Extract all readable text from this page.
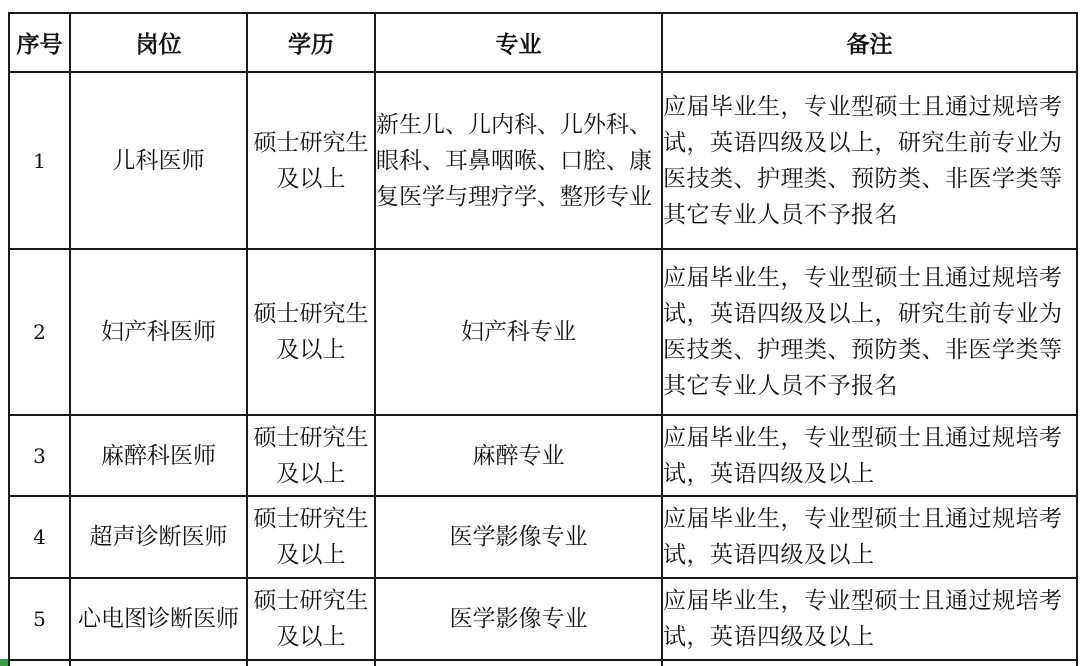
序号	岗位	学历	专业	备注
1	儿科医师	硕士研究生及以上	新生儿、儿内科、儿外科、眼科、耳鼻咽喉、口腔、康复医学与理疗学、整形专业	应届毕业生，专业型硕士且通过规培考试，英语四级及以上，研究生前专业为医技类、护理类、预防类、非医学类等其它专业人员不予报名
2	妇产科医师	硕士研究生及以上	妇产科专业	应届毕业生，专业型硕士且通过规培考试，英语四级及以上，研究生前专业为医技类、护理类、预防类、非医学类等其它专业人员不予报名
3	麻醉科医师	硕士研究生及以上	麻醉专业	应届毕业生，专业型硕士且通过规培考试，英语四级及以上
4	超声诊断医师	硕士研究生及以上	医学影像专业	应届毕业生，专业型硕士且通过规培考试，英语四级及以上
5	心电图诊断医师	硕士研究生及以上	医学影像专业	应届毕业生，专业型硕士且通过规培考试，英语四级及以上
